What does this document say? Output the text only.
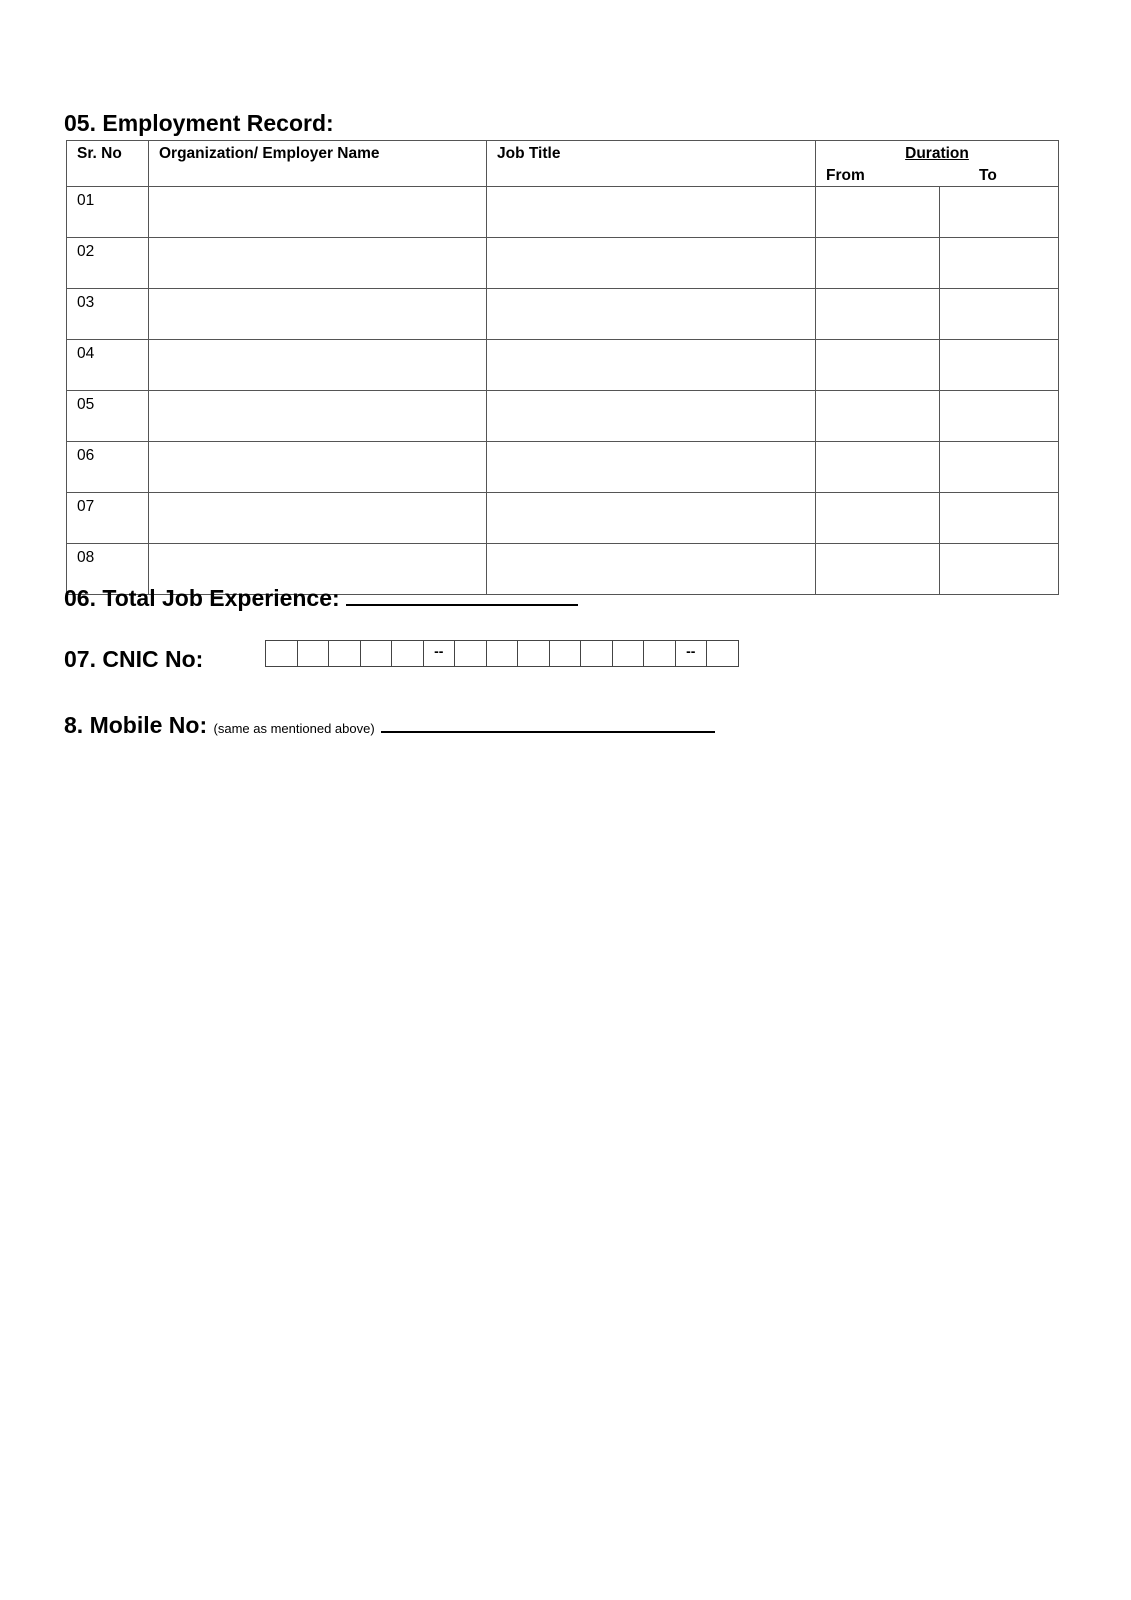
05. Employment Record:
Sr. No	Organization/ Employer Name	Job Title	Duration
From To	

01				
02				
03				
04				
05				
06				
07				
08				
06. Total Job Experience:
07. CNIC No:	--	--
8. Mobile No: (same as mentioned above)
